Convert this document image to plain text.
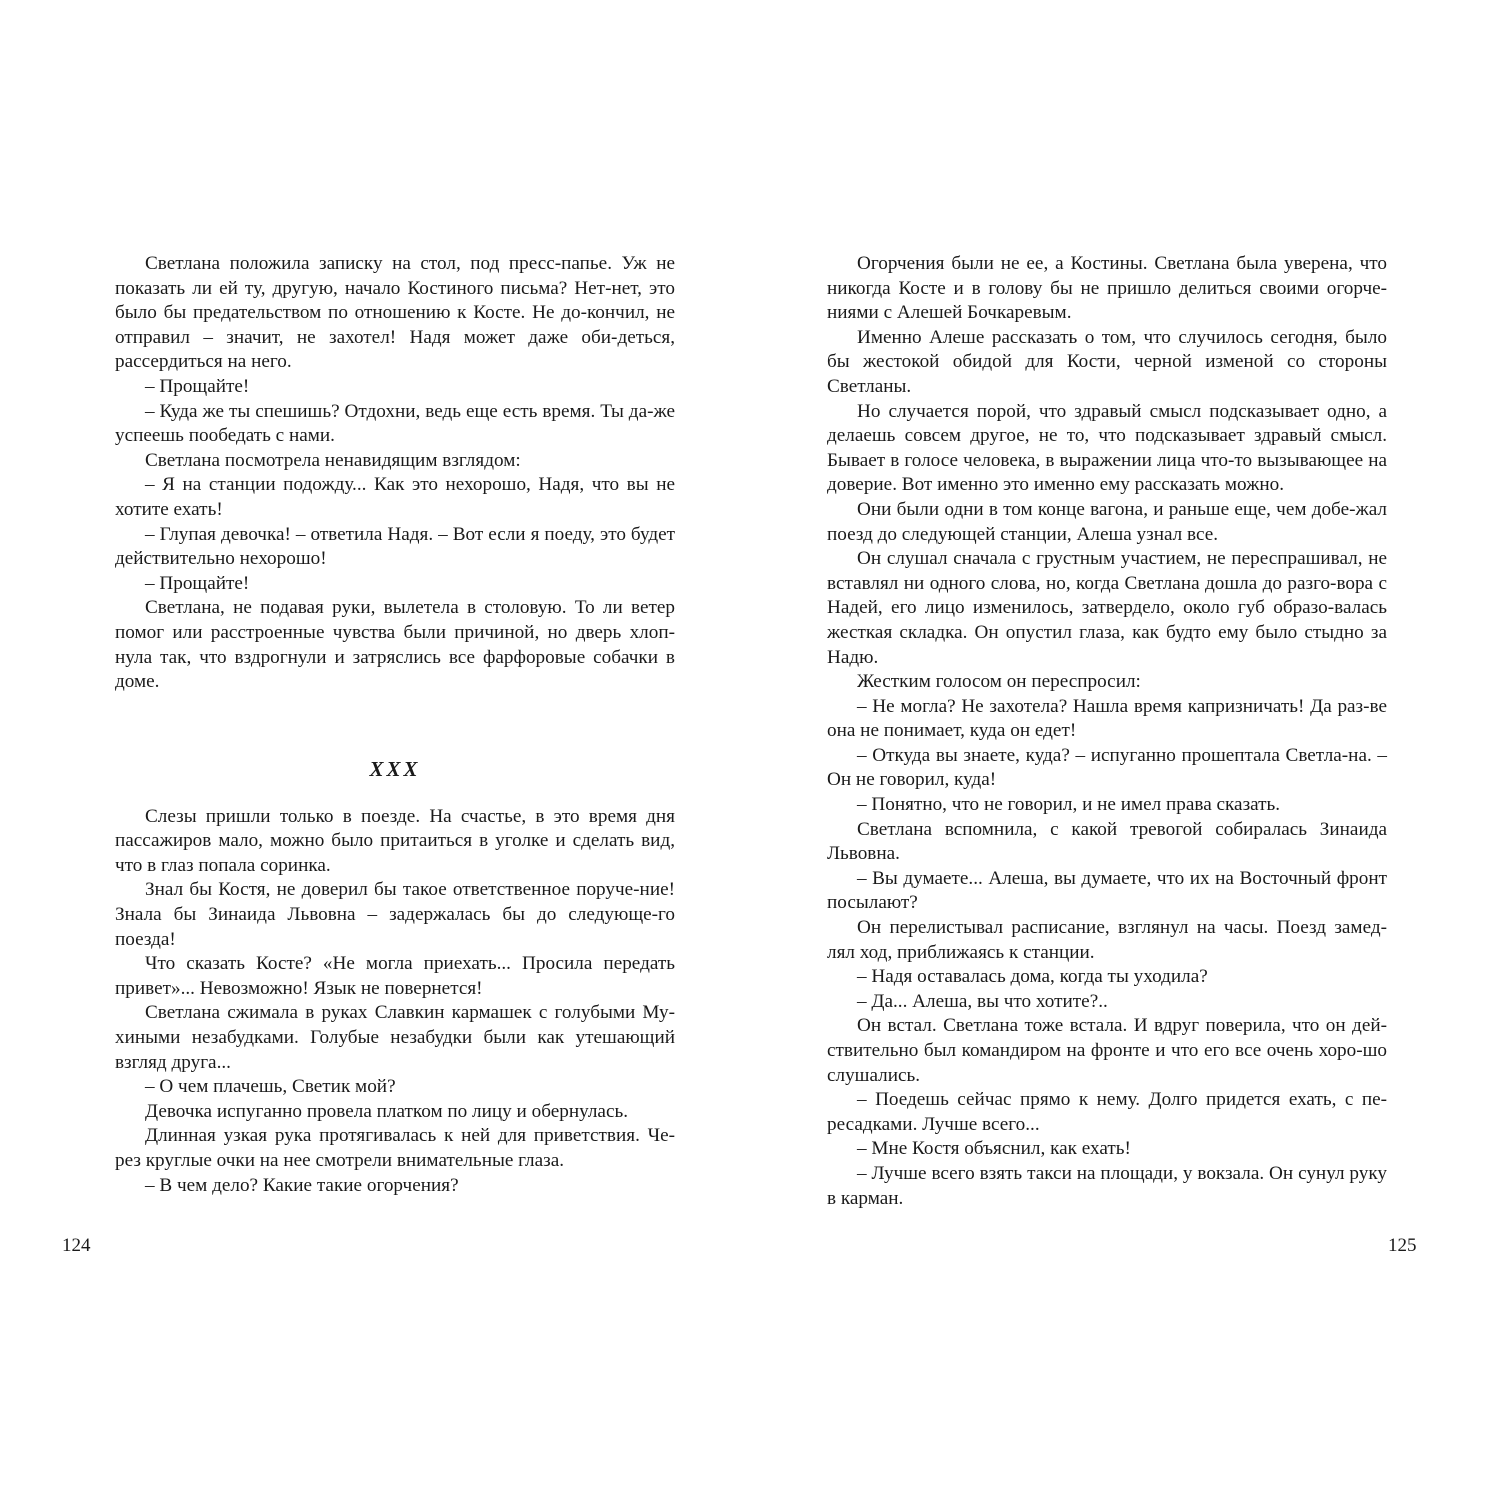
Светлана положила записку на стол, под пресс-папье. Уж не показать ли ей ту, другую, начало Костиного письма? Нет-нет, это было бы предательством по отношению к Косте. Не до-кончил, не отправил – значит, не захотел! Надя может даже оби-деться, рассердиться на него.

– Прощайте!

– Куда же ты спешишь? Отдохни, ведь еще есть время. Ты да-же успеешь пообедать с нами.

Светлана посмотрела ненавидящим взглядом:

– Я на станции подожду... Как это нехорошо, Надя, что вы не хотите ехать!

– Глупая девочка! – ответила Надя. – Вот если я поеду, это будет действительно нехорошо!

– Прощайте!

Светлана, не подавая руки, вылетела в столовую. То ли ветер помог или расстроенные чувства были причиной, но дверь хлоп-нула так, что вздрогнули и затряслись все фарфоровые собачки в доме.

XXX

Слезы пришли только в поезде. На счастье, в это время дня пассажиров мало, можно было притаиться в уголке и сделать вид, что в глаз попала соринка.

Знал бы Костя, не доверил бы такое ответственное поруче-ние! Знала бы Зинаида Львовна – задержалась бы до следующе-го поезда!

Что сказать Косте? «Не могла приехать... Просила передать привет»... Невозможно! Язык не повернется!

Светлана сжимала в руках Славкин кармашек с голубыми Му-хиными незабудками. Голубые незабудки были как утешающий взгляд друга...

– О чем плачешь, Светик мой?

Девочка испуганно провела платком по лицу и обернулась.

Длинная узкая рука протягивалась к ней для приветствия. Че-рез круглые очки на нее смотрели внимательные глаза.

– В чем дело? Какие такие огорчения?

Огорчения были не ее, а Костины. Светлана была уверена, что никогда Косте и в голову бы не пришло делиться своими огорче-ниями с Алешей Бочкаревым.

Именно Алеше рассказать о том, что случилось сегодня, было бы жестокой обидой для Кости, черной изменой со стороны Светланы.

Но случается порой, что здравый смысл подсказывает одно, а делаешь совсем другое, не то, что подсказывает здравый смысл. Бывает в голосе человека, в выражении лица что-то вызывающее на доверие. Вот именно это именно ему рассказать можно.

Они были одни в том конце вагона, и раньше еще, чем добе-жал поезд до следующей станции, Алеша узнал все.

Он слушал сначала с грустным участием, не переспрашивал, не вставлял ни одного слова, но, когда Светлана дошла до разго-вора с Надей, его лицо изменилось, затвердело, около губ образо-валась жесткая складка. Он опустил глаза, как будто ему было стыдно за Надю.

Жестким голосом он переспросил:

– Не могла? Не захотела? Нашла время капризничать! Да раз-ве она не понимает, куда он едет!

– Откуда вы знаете, куда? – испуганно прошептала Светла-на. – Он не говорил, куда!

– Понятно, что не говорил, и не имел права сказать.

Светлана вспомнила, с какой тревогой собиралась Зинаида Львовна.

– Вы думаете... Алеша, вы думаете, что их на Восточный фронт посылают?

Он перелистывал расписание, взглянул на часы. Поезд замед-лял ход, приближаясь к станции.

– Надя оставалась дома, когда ты уходила?

– Да... Алеша, вы что хотите?..

Он встал. Светлана тоже встала. И вдруг поверила, что он дей-ствительно был командиром на фронте и что его все очень хоро-шо слушались.

– Поедешь сейчас прямо к нему. Долго придется ехать, с пе-ресадками. Лучше всего...

– Мне Костя объяснил, как ехать!

– Лучше всего взять такси на площади, у вокзала. Он сунул руку в карман.

124	125
